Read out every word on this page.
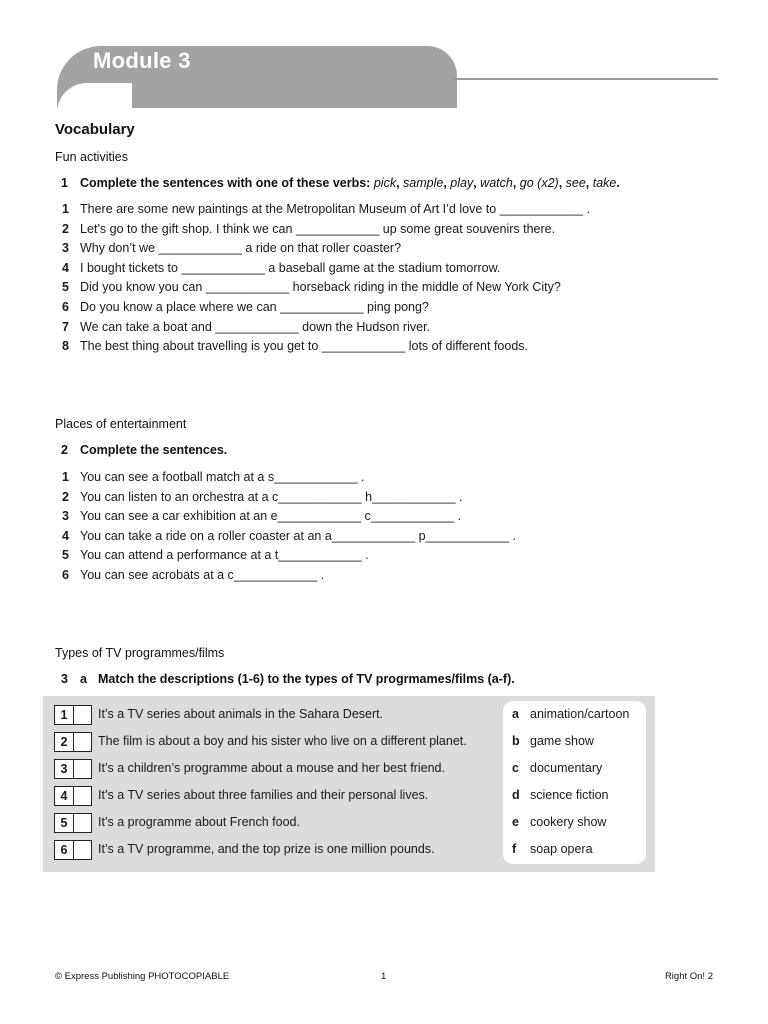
Module 3
Vocabulary
Fun activities
1 Complete the sentences with one of these verbs: pick, sample, play, watch, go (x2), see, take.
1 There are some new paintings at the Metropolitan Museum of Art I’d love to ____________ .
2 Let’s go to the gift shop. I think we can ____________ up some great souvenirs there.
3 Why don’t we ____________ a ride on that roller coaster?
4 I bought tickets to ____________ a baseball game at the stadium tomorrow.
5 Did you know you can ____________ horseback riding in the middle of New York City?
6 Do you know a place where we can ____________ ping pong?
7 We can take a boat and ____________ down the Hudson river.
8 The best thing about travelling is you get to ____________ lots of different foods.
Places of entertainment
2 Complete the sentences.
1 You can see a football match at a s____________ .
2 You can listen to an orchestra at a c____________ h____________ .
3 You can see a car exhibition at an e____________ c____________ .
4 You can take a ride on a roller coaster at an a____________ p____________ .
5 You can attend a performance at a t____________ .
6 You can see acrobats at a c____________ .
Types of TV programmes/films
3 a Match the descriptions (1-6) to the types of TV progrmames/films (a-f).
1	It’s a TV series about animals in the Sahara Desert.
2	The film is about a boy and his sister who live on a different planet.
3	It’s a children’s programme about a mouse and her best friend.
4	It’s a TV series about three families and their personal lives.
5	It’s a programme about French food.
6	It’s a TV programme, and the top prize is one million pounds.
a animation/cartoon
b game show
c documentary
d science fiction
e cookery show
f soap opera
© Express Publishing PHOTOCOPIABLE	1	Right On! 2
